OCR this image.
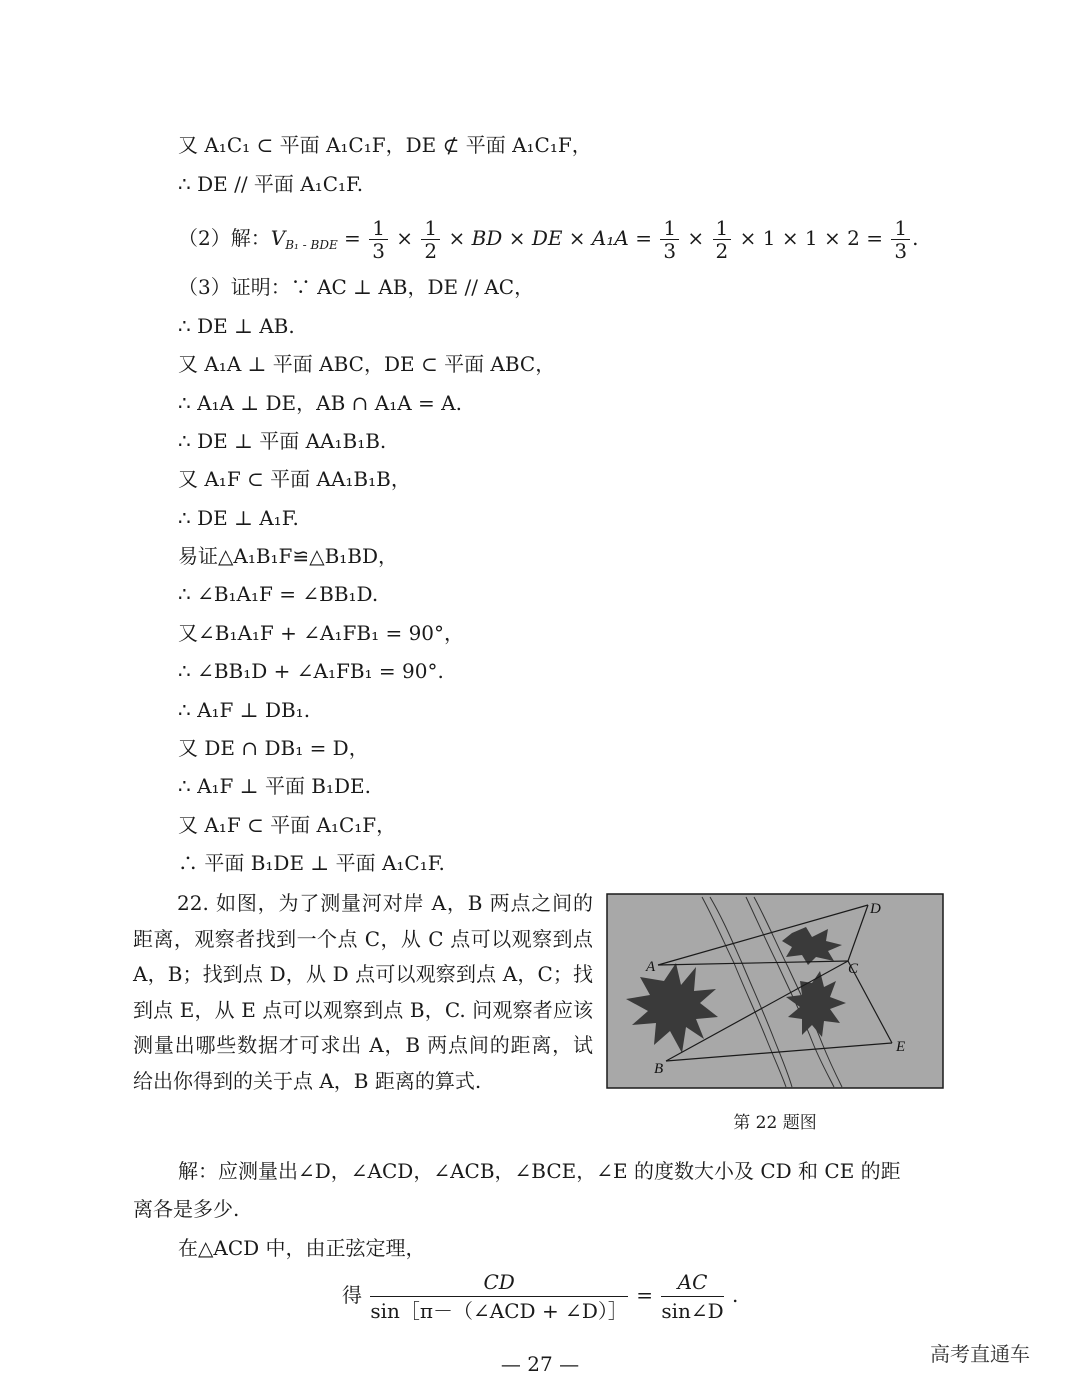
又 A₁C₁ ⊂ 平面 A₁C₁F，DE ⊄ 平面 A₁C₁F，
∴ DE // 平面 A₁C₁F.
（2）解：$V_{B_1 - BDE} = \frac{1}{3} \times \frac{1}{2}$ × BD × DE × $A_1A = \frac{1}{3} \times \frac{1}{2} \times 1 \times 1 \times 2 = \frac{1}{3}$ .
（3）证明：∵ AC ⊥ AB，DE // AC，
∴ DE ⊥ AB.
又 A₁A ⊥ 平面 ABC，DE ⊂ 平面 ABC，
∴ A₁A ⊥ DE，AB ∩ A₁A = A.
∴ DE ⊥ 平面 AA₁B₁B.
又 A₁F ⊂ 平面 AA₁B₁B，
∴ DE ⊥ A₁F.
易证△A₁B₁F≌△B₁BD，
∴ ∠B₁A₁F = ∠BB₁D.
又∠B₁A₁F + ∠A₁FB₁ = 90°，
∴ ∠BB₁D + ∠A₁FB₁ = 90°.
∴ A₁F ⊥ DB₁.
又 DE ∩ DB₁ = D，
∴ A₁F ⊥ 平面 B₁DE.
又 A₁F ⊂ 平面 A₁C₁F，
∴ 平面 B₁DE ⊥ 平面 A₁C₁F.

22. 如图，为了测量河对岸 A，B 两点之间的距离，观察者找到一个点 C，从 C 点可以观察到点 A，B；找到点 D，从 D 点可以观察到点 A，C；找到点 E，从 E 点可以观察到点 B，C. 问观察者应该测量出哪些数据才可求出 A，B 两点间的距离，试给出你得到的关于点 A，B 距离的算式.

A
B
C
D
E
第 22 题图
解：应测量出∠D，∠ACD，∠ACB，∠BCE，∠E 的度数大小及 CD 和 CE 的距
离各是多少.
在△ACD 中，由正弦定理，
得 $\frac{CD}{\text{sin［π－（∠ACD + ∠D）］}} = \frac{AC}{\sin\angle D}$ .
高考直通车
— 27 —
